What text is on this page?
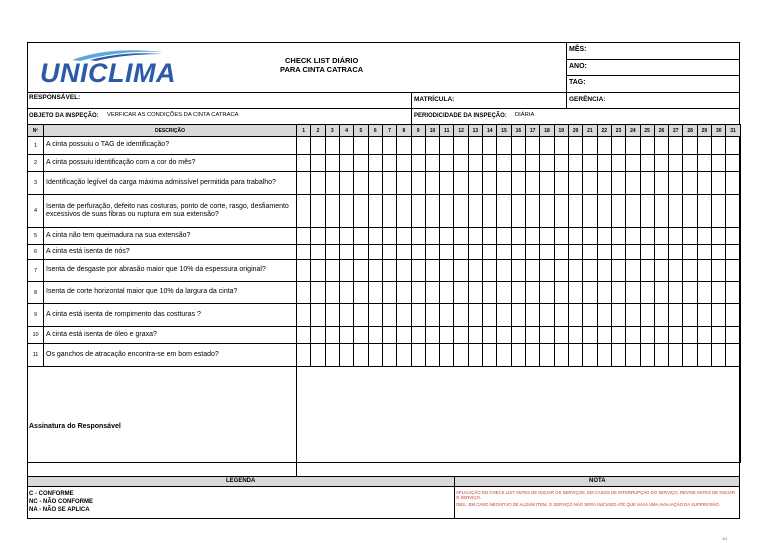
UNICLIMA	CHECK LIST DIÁRIO
PARA CINTA CATRACA
MÊS:
ANO:
TAG:
RESPONSÁVEL:	MATRÍCULA:	GERÊNCIA:
OBJETO DA INSPEÇÃO: VERFICAR AS CONDIÇÕES DA CINTA CATRACA	PERIODICIDADE DA INSPEÇÃO: DIÁRIA
Nº	DESCRIÇÃO	1	2	3	4	5	6	7	8	9	10	11	12	13	14	15	16	17	18	19	20	21	22	23	24	25	26	27	28	29	30	31
1	A cinta possuiu o TAG de identificação?																															
2	A cinta possuiu identificação com a cor do mês?																															
3	Identificação legível da carga máxima admissível permitida para trabalho?																															
4	Isenta de perfuração, defeito nas costuras, ponto de corte, rasgo, desfiamento excessivos de suas fibras ou ruptura em sua extensão?																															
5	A cinta não tem queimadura na sua extensão?																															
6	A cinta está isenta de nós?																															
7	Isenta de desgaste por abrasão maior que 10% da espessura original?																															
8	Isenta de corte horizontal maior que 10% da largura da cinta?																															
9	A cinta está isenta de rompimento das costturas ?																															
10	A cinta está isenta de óleo e graxa?																															
11	Os ganchos de atracação encontra-se em bom estado?																															

Assinatura do Responsável
LEGENDA	NOTA
C - CONFORME
NC - NÃO CONFORME
NA - NÃO SE APLICA
APLICAÇÃO DO CHECK LIST ANTES DE INICIAR OS SERVIÇOS. EM CASOS DE INTERRUPÇÃO DO SERVIÇO, REVISE ANTES DE INICIAR O SERVIÇO.
OBS.: EM CASO NEGATIVO DE ALGUM ITEM, O SERVIÇO NÃO SERÁ INICIADO ATÉ QUE HAJA UMA AVALIAÇÃO DA SUPERVISÃO.
1/1
